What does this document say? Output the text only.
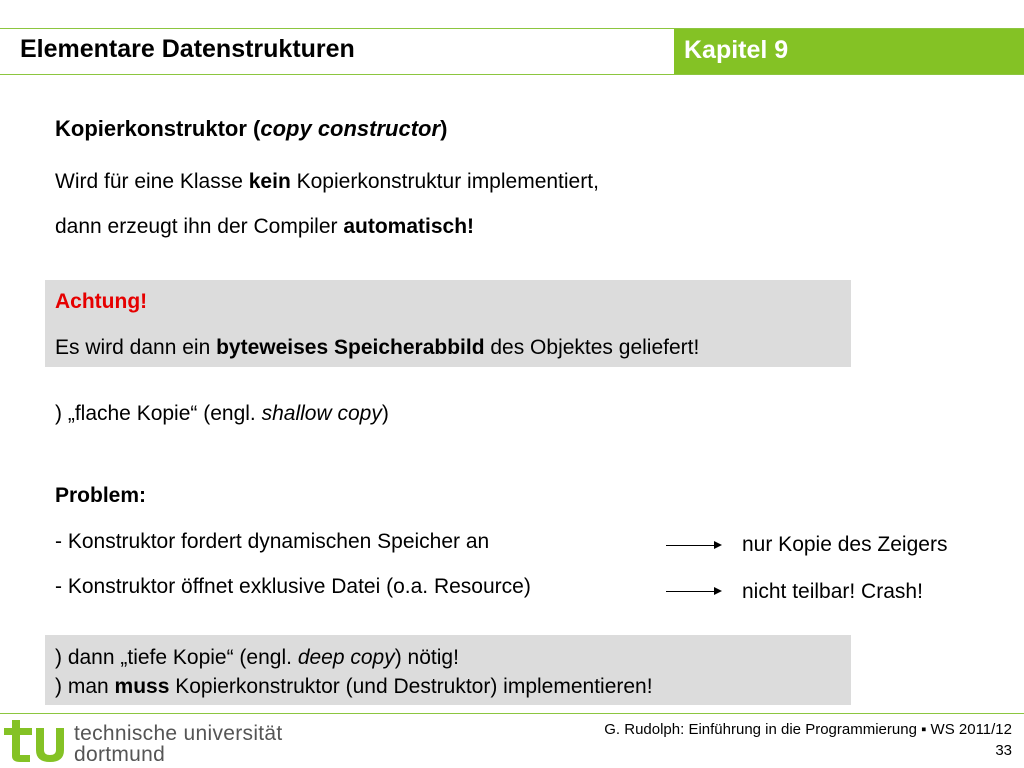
Elementare Datenstrukturen	Kapitel 9
Kopierkonstruktor (copy constructor)
Wird für eine Klasse kein Kopierkonstruktur implementiert,
dann erzeugt ihn der Compiler automatisch!
Achtung!
Es wird dann ein byteweises Speicherabbild des Objektes geliefert!
) „flache Kopie“ (engl. shallow copy)
Problem:
- Konstruktor fordert dynamischen Speicher an	nur Kopie des Zeigers
- Konstruktor öffnet exklusive Datei (o.a. Resource)	nicht teilbar! Crash!
) dann „tiefe Kopie“ (engl. deep copy) nötig!
) man muss Kopierkonstruktor (und Destruktor) implementieren!
technische universität
dortmund
G. Rudolph: Einführung in die Programmierung ▪ WS 2011/12
33
